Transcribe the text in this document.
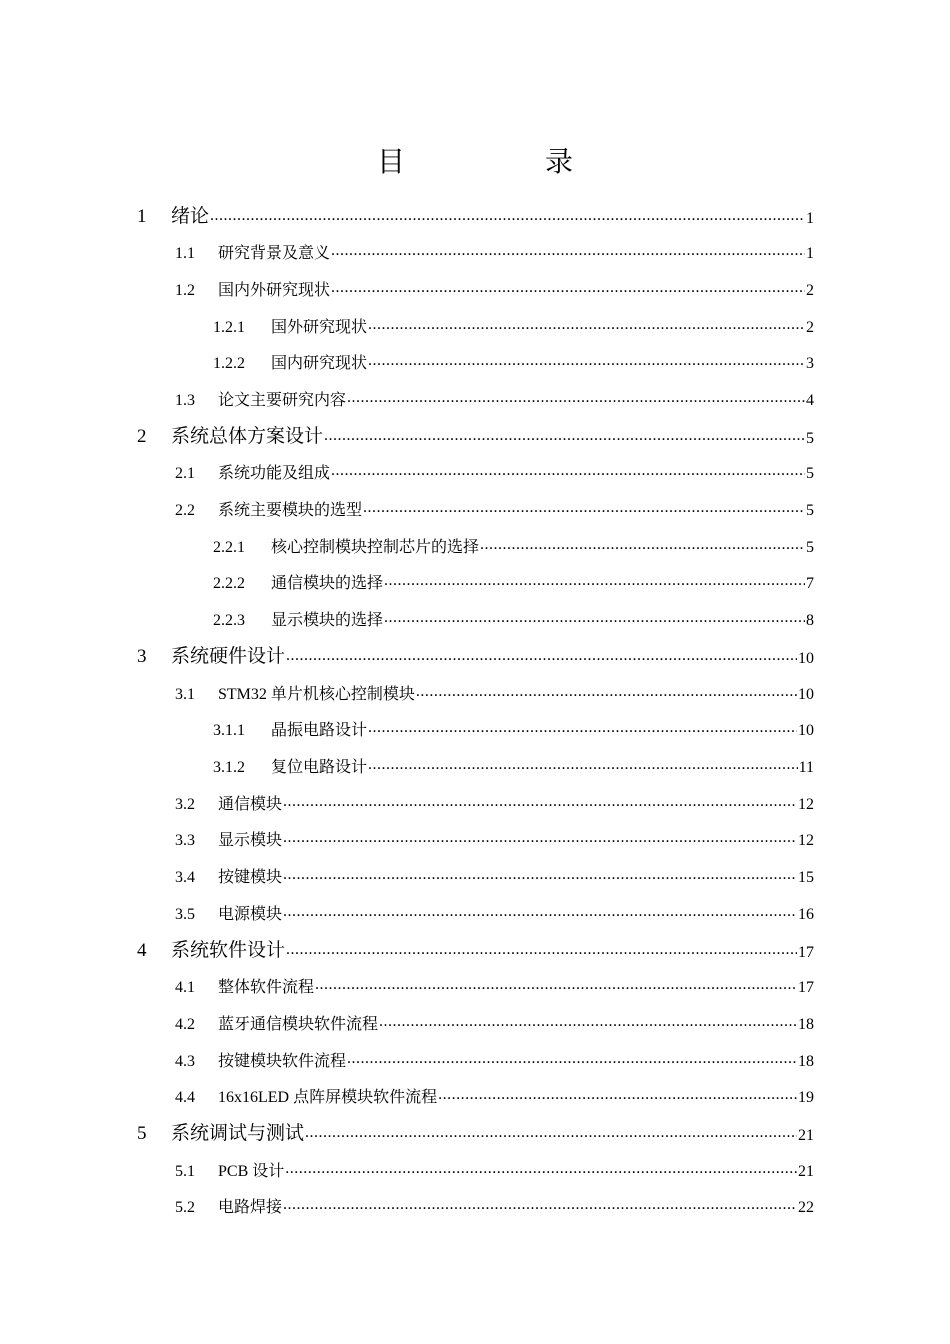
目　录
1	绪论 .....	1
1.1	研究背景及意义 .....	1
1.2	国内外研究现状 .....	2
1.2.1	国外研究现状 .....	2
1.2.2	国内研究现状 .....	3
1.3	论文主要研究内容 .....	4
2	系统总体方案设计 .....	5
2.1	系统功能及组成 .....	5
2.2	系统主要模块的选型 .....	5
2.2.1	核心控制模块控制芯片的选择 .....	5
2.2.2	通信模块的选择 .....	7
2.2.3	显示模块的选择 .....	8
3	系统硬件设计 .....	10
3.1	STM32 单片机核心控制模块 .....	10
3.1.1	晶振电路设计 .....	10
3.1.2	复位电路设计 .....	11
3.2	通信模块 .....	12
3.3	显示模块 .....	12
3.4	按键模块 .....	15
3.5	电源模块 .....	16
4	系统软件设计 .....	17
4.1	整体软件流程 .....	17
4.2	蓝牙通信模块软件流程 .....	18
4.3	按键模块软件流程 .....	18
4.4	16x16LED 点阵屏模块软件流程 .....	19
5	系统调试与测试 .....	21
5.1	PCB 设计 .....	21
5.2	电路焊接 .....	22
